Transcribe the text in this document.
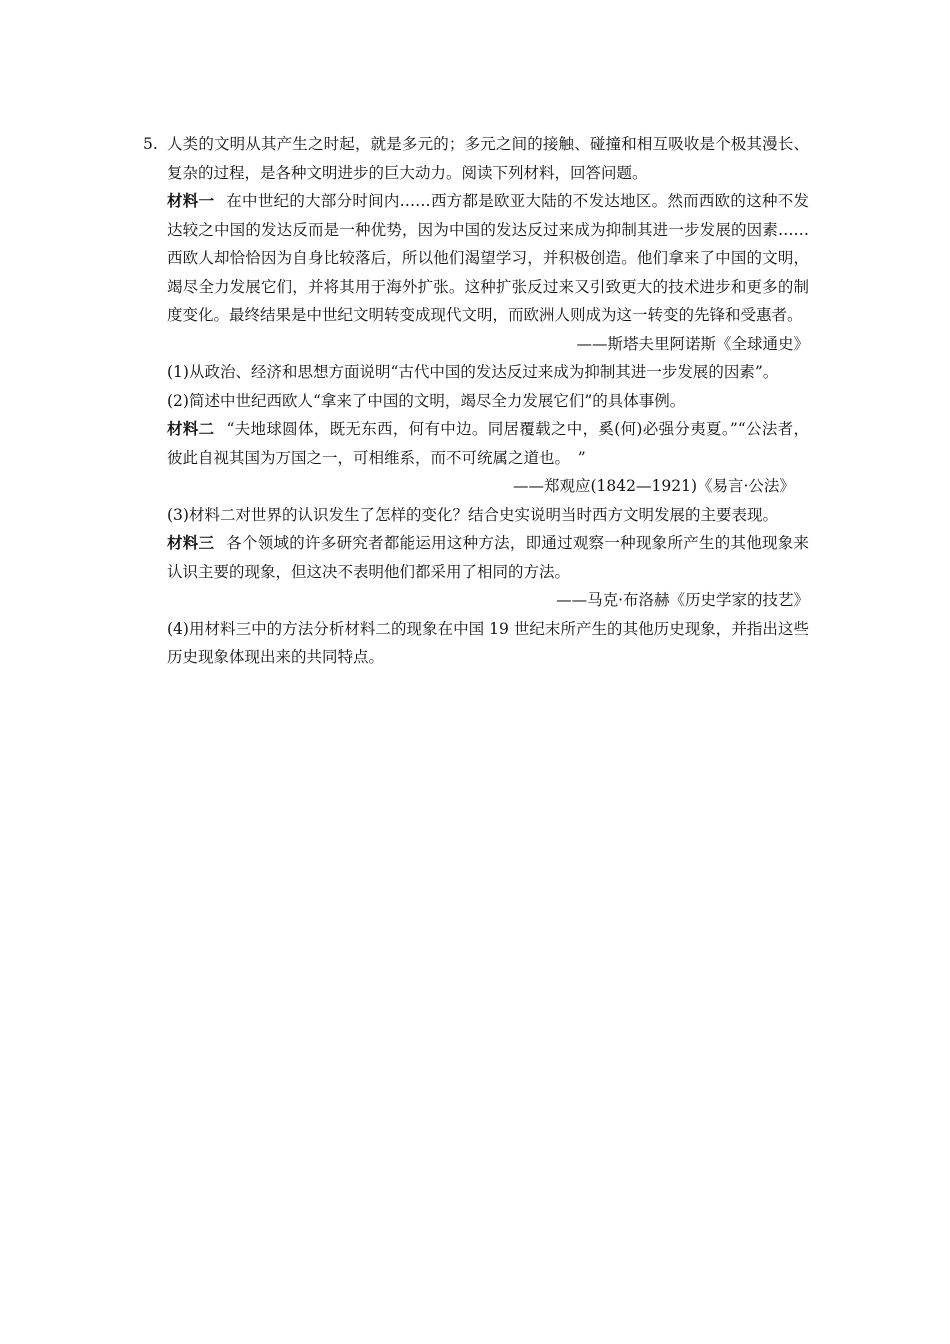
5. 人类的文明从其产生之时起，就是多元的；多元之间的接触、碰撞和相互吸收是个极其漫长、复杂的过程，是各种文明进步的巨大动力。阅读下列材料，回答问题。
材料一 在中世纪的大部分时间内……西方都是欧亚大陆的不发达地区。然而西欧的这种不发达较之中国的发达反而是一种优势，因为中国的发达反过来成为抑制其进一步发展的因素……西欧人却恰恰因为自身比较落后，所以他们渴望学习，并积极创造。他们拿来了中国的文明，竭尽全力发展它们，并将其用于海外扩张。这种扩张反过来又引致更大的技术进步和更多的制度变化。最终结果是中世纪文明转变成现代文明，而欧洲人则成为这一转变的先锋和受惠者。
——斯塔夫里阿诺斯《全球通史》
(1)从政治、经济和思想方面说明“古代中国的发达反过来成为抑制其进一步发展的因素”。
(2)简述中世纪西欧人“拿来了中国的文明，竭尽全力发展它们”的具体事例。
材料二 “夫地球圆体，既无东西，何有中边。同居覆载之中，奚(何)必强分夷夏。”“公法者，彼此自视其国为万国之一，可相维系，而不可统属之道也。　”
——郑观应(1842—1921)《易言·公法》
(3)材料二对世界的认识发生了怎样的变化？结合史实说明当时西方文明发展的主要表现。
材料三 各个领域的许多研究者都能运用这种方法，即通过观察一种现象所产生的其他现象来认识主要的现象，但这决不表明他们都采用了相同的方法。
——马克·布洛赫《历史学家的技艺》
(4)用材料三中的方法分析材料二的现象在中国 19 世纪末所产生的其他历史现象，并指出这些历史现象体现出来的共同特点。
